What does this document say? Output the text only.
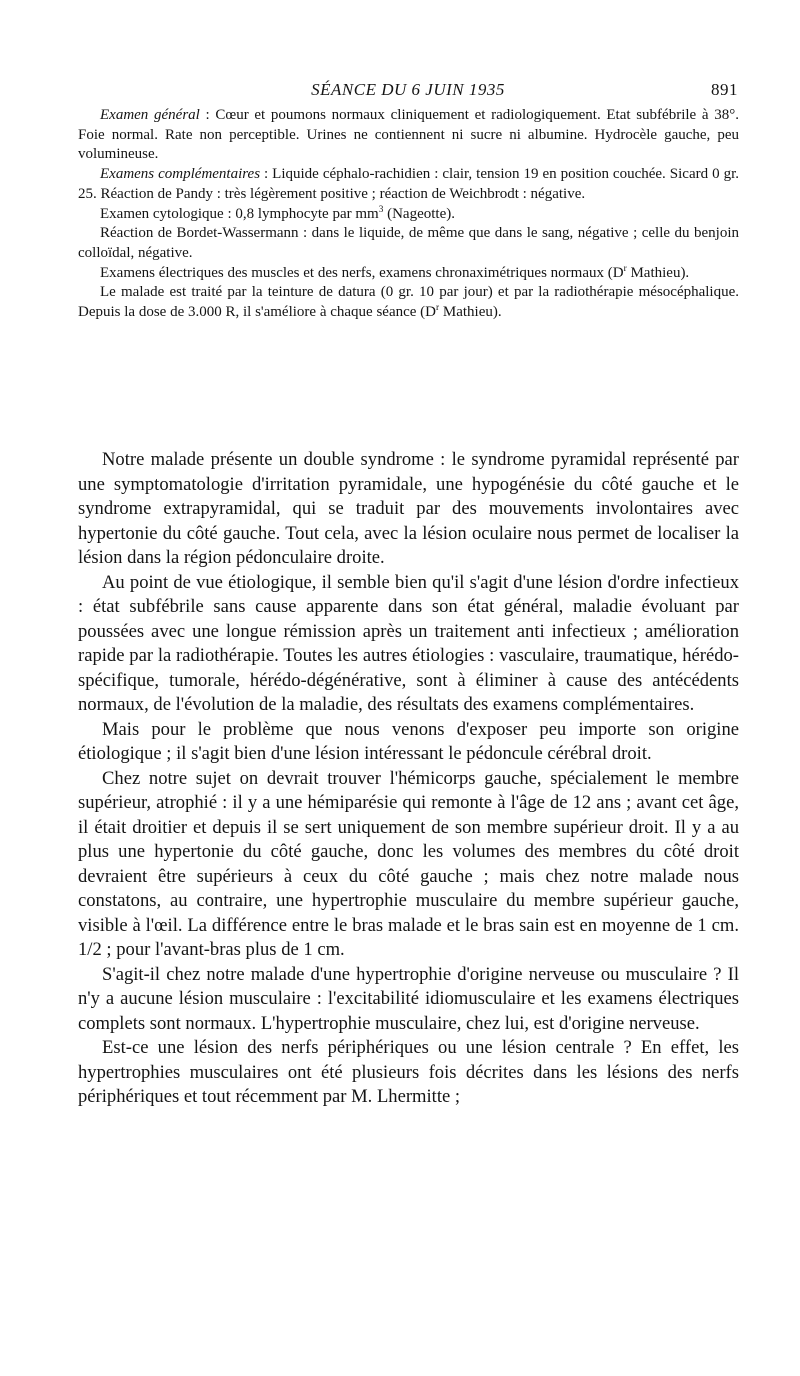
SÉANCE DU 6 JUIN 1935	891

Examen général : Cœur et poumons normaux cliniquement et radiologiquement. Etat subfébrile à 38°. Foie normal. Rate non perceptible. Urines ne contiennent ni sucre ni albumine. Hydrocèle gauche, peu volumineuse.

Examens complémentaires : Liquide céphalo-rachidien : clair, tension 19 en position couchée. Sicard 0 gr. 25. Réaction de Pandy : très légèrement positive ; réaction de Weichbrodt : négative.

Examen cytologique : 0,8 lymphocyte par $mm^3$ (Nageotte).

Réaction de Bordet-Wassermann : dans le liquide, de même que dans le sang, négative ; celle du benjoin colloïdal, négative.

Examens électriques des muscles et des nerfs, examens chronaximétriques normaux ($D^r$ Mathieu).

Le malade est traité par la teinture de datura (0 gr. 10 par jour) et par la radiothérapie mésocéphalique. Depuis la dose de 3.000 R, il s'améliore à chaque séance ($D^r$ Mathieu).

Notre malade présente un double syndrome : le syndrome pyramidal représenté par une symptomatologie d'irritation pyramidale, une hypogénésie du côté gauche et le syndrome extrapyramidal, qui se traduit par des mouvements involontaires avec hypertonie du côté gauche. Tout cela, avec la lésion oculaire nous permet de localiser la lésion dans la région pédonculaire droite.

Au point de vue étiologique, il semble bien qu'il s'agit d'une lésion d'ordre infectieux : état subfébrile sans cause apparente dans son état général, maladie évoluant par poussées avec une longue rémission après un traitement anti infectieux ; amélioration rapide par la radiothérapie. Toutes les autres étiologies : vasculaire, traumatique, hérédo-spécifique, tumorale, hérédo-dégénérative, sont à éliminer à cause des antécédents normaux, de l'évolution de la maladie, des résultats des examens complémentaires.

Mais pour le problème que nous venons d'exposer peu importe son origine étiologique ; il s'agit bien d'une lésion intéressant le pédoncule cérébral droit.

Chez notre sujet on devrait trouver l'hémicorps gauche, spécialement le membre supérieur, atrophié : il y a une hémiparésie qui remonte à l'âge de 12 ans ; avant cet âge, il était droitier et depuis il se sert uniquement de son membre supérieur droit. Il y a au plus une hypertonie du côté gauche, donc les volumes des membres du côté droit devraient être supérieurs à ceux du côté gauche ; mais chez notre malade nous constatons, au contraire, une hypertrophie musculaire du membre supérieur gauche, visible à l'œil. La différence entre le bras malade et le bras sain est en moyenne de 1 cm. 1/2 ; pour l'avant-bras plus de 1 cm.

S'agit-il chez notre malade d'une hypertrophie d'origine nerveuse ou musculaire ? Il n'y a aucune lésion musculaire : l'excitabilité idiomusculaire et les examens électriques complets sont normaux. L'hypertrophie musculaire, chez lui, est d'origine nerveuse.

Est-ce une lésion des nerfs périphériques ou une lésion centrale ? En effet, les hypertrophies musculaires ont été plusieurs fois décrites dans les lésions des nerfs périphériques et tout récemment par M. Lhermitte ;
